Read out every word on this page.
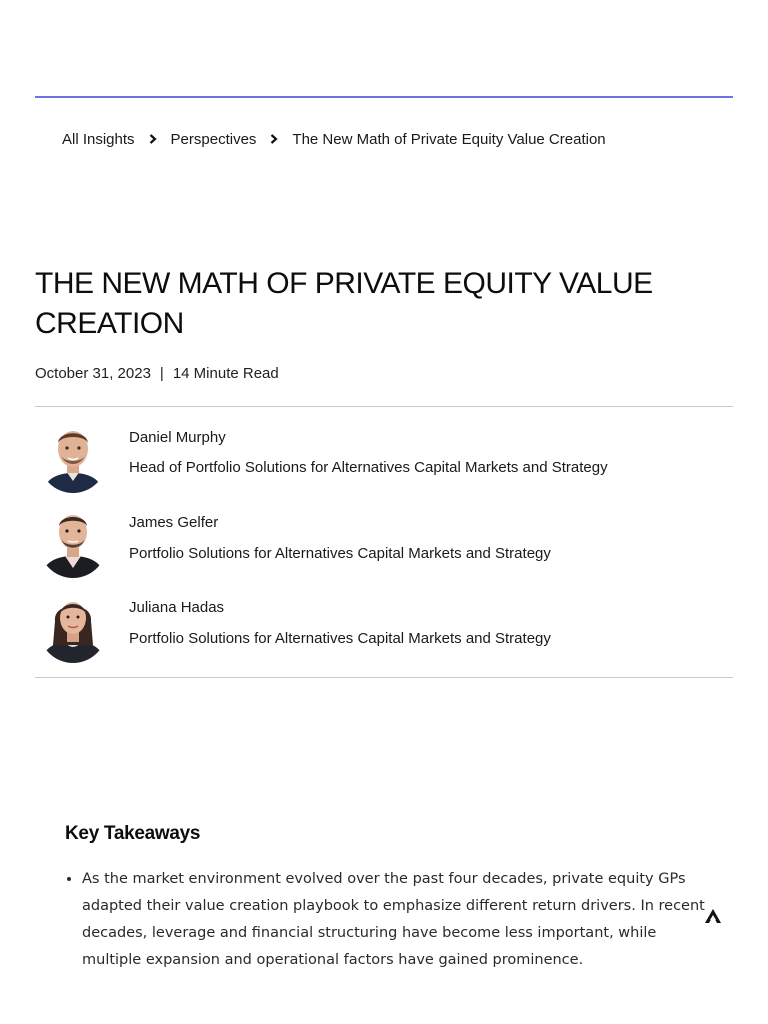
All Insights Perspectives The New Math of Private Equity Value Creation
THE NEW MATH OF PRIVATE EQUITY VALUE CREATION
October 31, 2023 | 14 Minute Read
Daniel Murphy
Head of Portfolio Solutions for Alternatives Capital Markets and Strategy
James Gelfer
Portfolio Solutions for Alternatives Capital Markets and Strategy
Juliana Hadas
Portfolio Solutions for Alternatives Capital Markets and Strategy
Key Takeaways
• As the market environment evolved over the past four decades, private equity GPs adapted their value creation playbook to emphasize different return drivers. In recent decades, leverage and financial structuring have become less important, while multiple expansion and operational factors have gained prominence.
